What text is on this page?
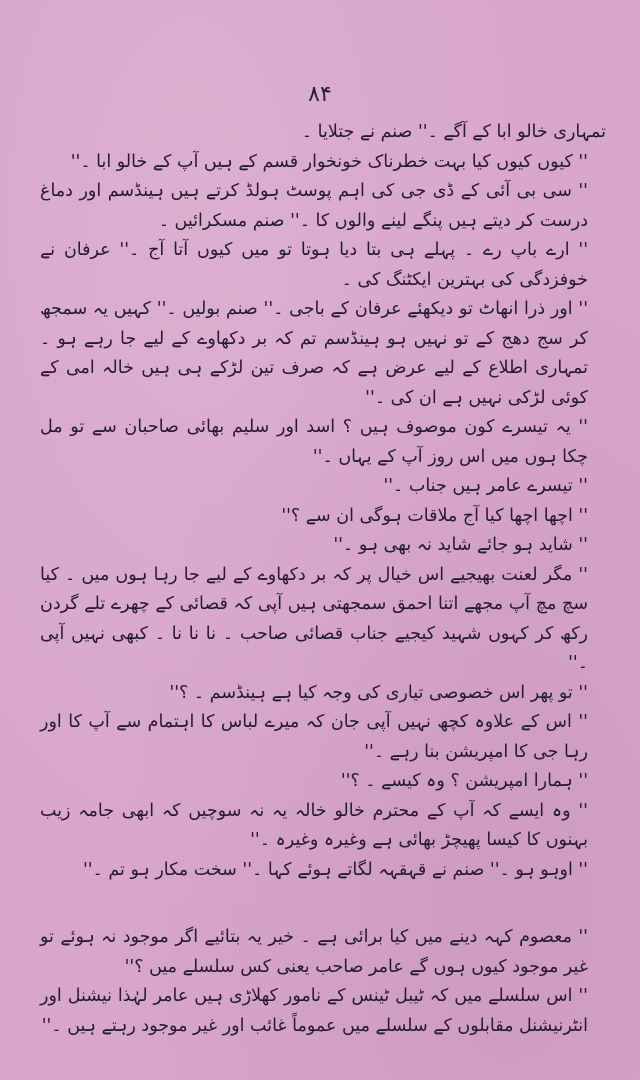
۸۴

تمہاری خالو ابا کے آگے ۔'' صنم نے جتلایا ۔

'' کیوں کیوں کیا بہت خطرناک خونخوار قسم کے ہیں آپ کے خالو ابا ۔''

'' سی بی آئی کے ڈی جی کی اہم پوسٹ ہولڈ کرتے ہیں ہینڈسم اور دماغ درست کر دیتے ہیں پنگے لینے والوں کا ۔'' صنم مسکرائیں ۔

'' ارے باپ رے ۔ پہلے ہی بتا دیا ہوتا تو میں کیوں آتا آج ۔'' عرفان نے خوفزدگی کی بہترین ایکٹنگ کی ۔

'' اور ذرا انھاٹ تو دیکھئے عرفان کے باجی ۔'' صنم بولیں ۔'' کہیں یہ سمجھ کر سج دھج کے تو نہیں ہو ہینڈسم تم کہ بر دکھاوے کے لیے جا رہے ہو ۔ تمہاری اطلاع کے لیے عرض ہے کہ صرف تین لڑکے ہی ہیں خالہ امی کے کوئی لڑکی نہیں ہے ان کی ۔''

'' یہ تیسرے کون موصوف ہیں ؟ اسد اور سلیم بھائی صاحبان سے تو مل چکا ہوں میں اس روز آپ کے یہاں ۔''

'' تیسرے عامر ہیں جناب ۔''

'' اچھا اچھا کیا آج ملاقات ہوگی ان سے ؟''

'' شاید ہو جائے شاید نہ بھی ہو ۔''

'' مگر لعنت بھیجیے اس خیال پر کہ بر دکھاوے کے لیے جا رہا ہوں میں ۔ کیا سچ مچ آپ مجھے اتنا احمق سمجھتی ہیں آپی کہ قصائی کے چھرے تلے گردن رکھ کر کہوں شہید کیجیے جناب قصائی صاحب ۔ نا نا نا ۔ کبھی نہیں آپی ۔''

'' تو پھر اس خصوصی تیاری کی وجہ کیا ہے ہینڈسم ۔ ؟''

'' اس کے علاوہ کچھ نہیں آپی جان کہ میرے لباس کا اہتمام سے آپ کا اور رہا جی کا امپریشن بنا رہے ۔''

'' ہمارا امپریشن ؟ وہ کیسے ۔ ؟''

'' وہ ایسے کہ آپ کے محترم خالو خالہ یہ نہ سوچیں کہ ابھی جامہ زیب بہنوں کا کیسا پھیچڑ بھائی ہے وغیرہ وغیرہ ۔''

'' اوہو ہو ۔'' صنم نے قہقہہ لگاتے ہوئے کہا ۔'' سخت مکار ہو تم ۔''

'' معصوم کہہ دینے میں کیا برائی ہے ۔ خیر یہ بتائیے اگر موجود نہ ہوئے تو غیر موجود کیوں ہوں گے عامر صاحب یعنی کس سلسلے میں ؟''

'' اس سلسلے میں کہ ٹیبل ٹینس کے نامور کھلاڑی ہیں عامر لہٰذا نیشنل اور انٹرنیشنل مقابلوں کے سلسلے میں عموماً غائب اور غیر موجود رہتے ہیں ۔''
